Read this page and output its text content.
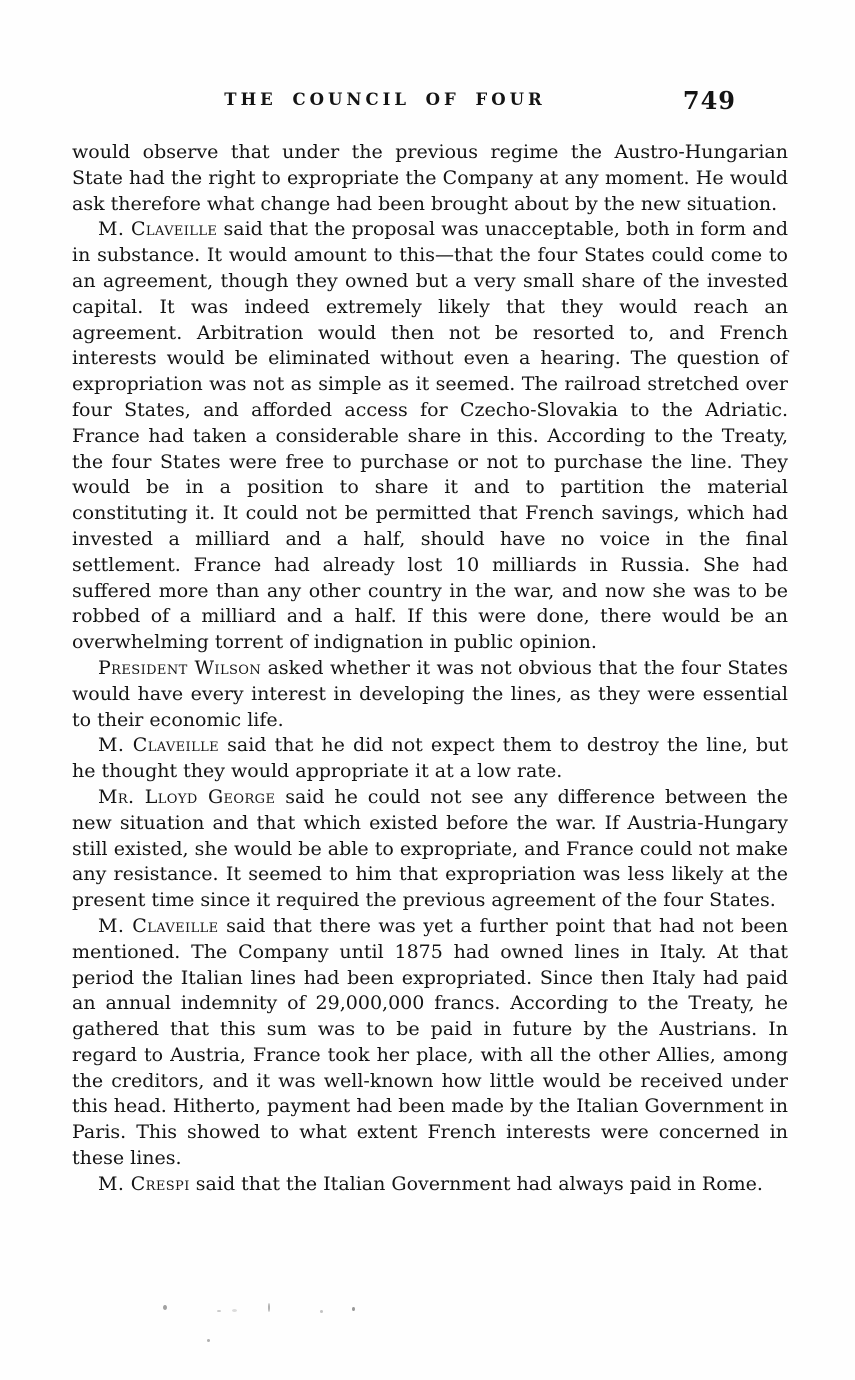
THE COUNCIL OF FOUR	749

would observe that under the previous regime the Austro-Hungarian State had the right to expropriate the Company at any moment. He would ask therefore what change had been brought about by the new situation.

M. Claveille said that the proposal was unacceptable, both in form and in substance. It would amount to this—that the four States could come to an agreement, though they owned but a very small share of the invested capital. It was indeed extremely likely that they would reach an agreement. Arbitration would then not be resorted to, and French interests would be eliminated without even a hearing. The question of expropriation was not as simple as it seemed. The railroad stretched over four States, and afforded access for Czecho-Slovakia to the Adriatic. France had taken a considerable share in this. According to the Treaty, the four States were free to purchase or not to purchase the line. They would be in a position to share it and to partition the material constituting it. It could not be permitted that French savings, which had invested a milliard and a half, should have no voice in the final settlement. France had already lost 10 milliards in Russia. She had suffered more than any other country in the war, and now she was to be robbed of a milliard and a half. If this were done, there would be an overwhelming torrent of indignation in public opinion.

President Wilson asked whether it was not obvious that the four States would have every interest in developing the lines, as they were essential to their economic life.

M. Claveille said that he did not expect them to destroy the line, but he thought they would appropriate it at a low rate.

Mr. Lloyd George said he could not see any difference between the new situation and that which existed before the war. If Austria-Hungary still existed, she would be able to expropriate, and France could not make any resistance. It seemed to him that expropriation was less likely at the present time since it required the previous agreement of the four States.

M. Claveille said that there was yet a further point that had not been mentioned. The Company until 1875 had owned lines in Italy. At that period the Italian lines had been expropriated. Since then Italy had paid an annual indemnity of 29,000,000 francs. According to the Treaty, he gathered that this sum was to be paid in future by the Austrians. In regard to Austria, France took her place, with all the other Allies, among the creditors, and it was well-known how little would be received under this head. Hitherto, payment had been made by the Italian Government in Paris. This showed to what extent French interests were concerned in these lines.

M. Crespi said that the Italian Government had always paid in Rome.
